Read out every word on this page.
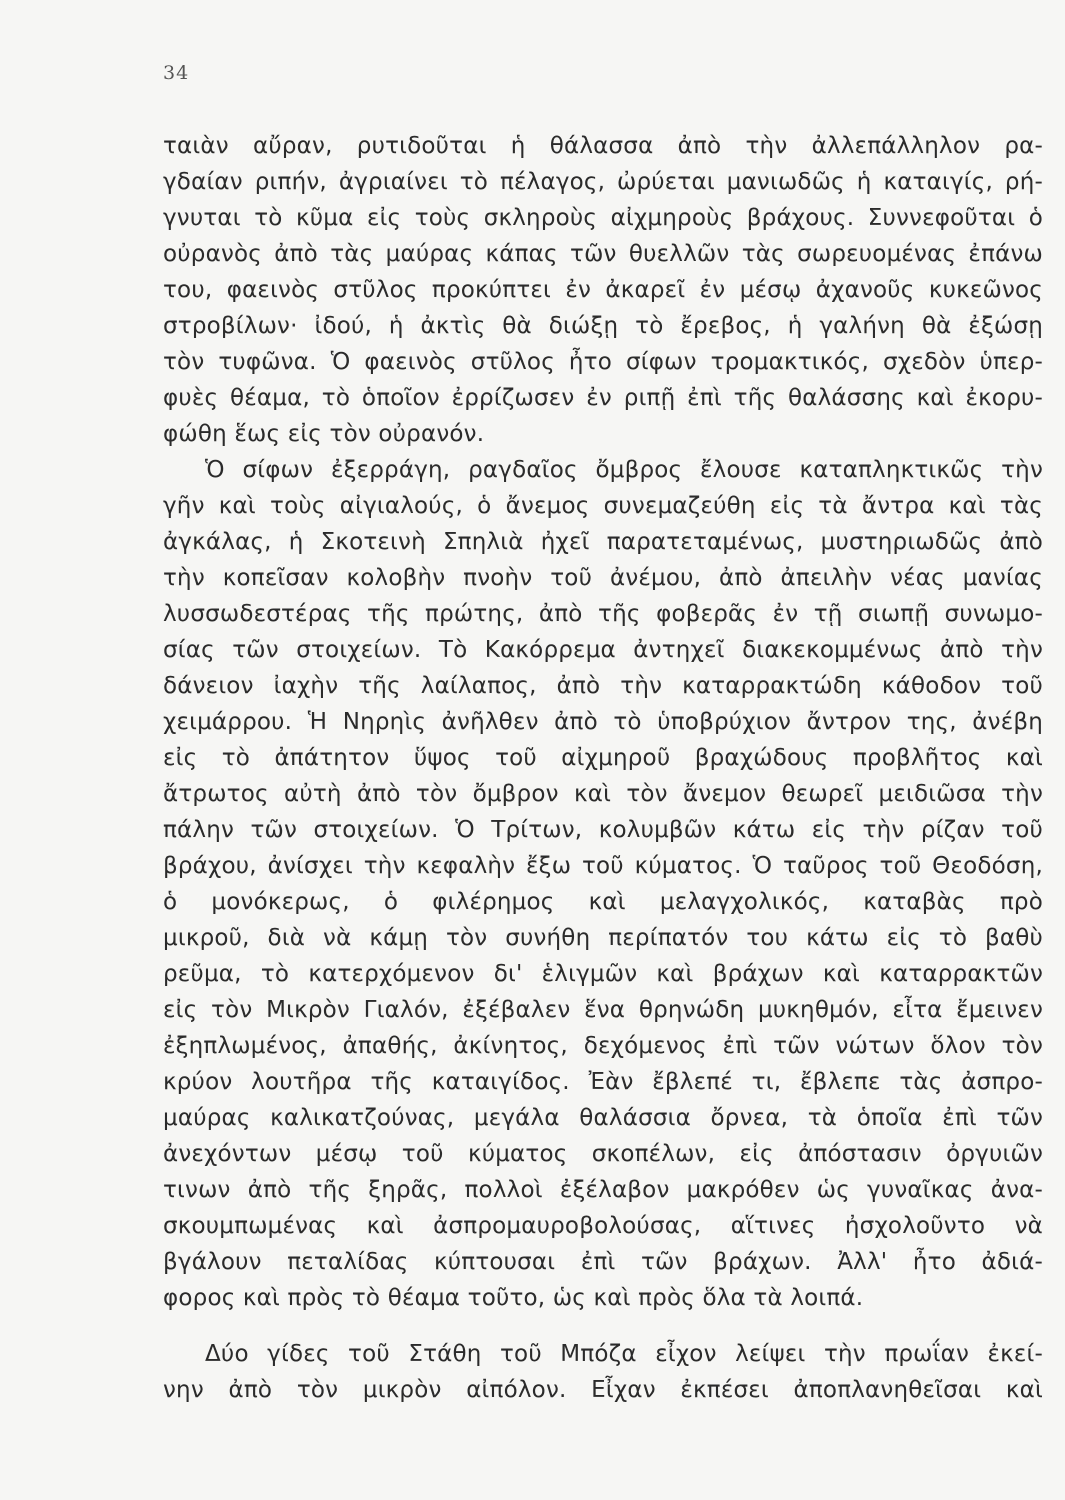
34
ταιὰν αὔραν, ρυτιδοῦται ἡ θάλασσα ἀπὸ τὴν ἀλλεπάλληλον ρα-
γδαίαν ριπήν, ἀγριαίνει τὸ πέλαγος, ὠρύεται μανιωδῶς ἡ καταιγίς, ρή-
γνυται τὸ κῦμα εἰς τοὺς σκληροὺς αἰχμηροὺς βράχους. Συννεφοῦται ὁ
οὐρανὸς ἀπὸ τὰς μαύρας κάπας τῶν θυελλῶν τὰς σωρευομένας ἐπάνω
του, φαεινὸς στῦλος προκύπτει ἐν ἀκαρεῖ ἐν μέσῳ ἀχανοῦς κυκεῶνος
στροβίλων· ἰδού, ἡ ἀκτὶς θὰ διώξῃ τὸ ἔρεβος, ἡ γαλήνη θὰ ἐξώσῃ
τὸν τυφῶνα. Ὁ φαεινὸς στῦλος ἦτο σίφων τρομακτικός, σχεδὸν ὑπερ-
φυὲς θέαμα, τὸ ὁποῖον ἐρρίζωσεν ἐν ριπῇ ἐπὶ τῆς θαλάσσης καὶ ἐκορυ-
φώθη ἕως εἰς τὸν οὐρανόν.
Ὁ σίφων ἐξερράγη, ραγδαῖος ὄμβρος ἔλουσε καταπληκτικῶς τὴν
γῆν καὶ τοὺς αἰγιαλούς, ὁ ἄνεμος συνεμαζεύθη εἰς τὰ ἄντρα καὶ τὰς
ἀγκάλας, ἡ Σκοτεινὴ Σπηλιὰ ἠχεῖ παρατεταμένως, μυστηριωδῶς ἀπὸ
τὴν κοπεῖσαν κολοβὴν πνοὴν τοῦ ἀνέμου, ἀπὸ ἀπειλὴν νέας μανίας
λυσσωδεστέρας τῆς πρώτης, ἀπὸ τῆς φοβερᾶς ἐν τῇ σιωπῇ συνωμο-
σίας τῶν στοιχείων. Τὸ Κακόρρεμα ἀντηχεῖ διακεκομμένως ἀπὸ τὴν
δάνειον ἰαχὴν τῆς λαίλαπος, ἀπὸ τὴν καταρρακτώδη κάθοδον τοῦ
χειμάρρου. Ἡ Νηρηὶς ἀνῆλθεν ἀπὸ τὸ ὑποβρύχιον ἄντρον της, ἀνέβη
εἰς τὸ ἀπάτητον ὕψος τοῦ αἰχμηροῦ βραχώδους προβλῆτος καὶ
ἄτρωτος αὐτὴ ἀπὸ τὸν ὄμβρον καὶ τὸν ἄνεμον θεωρεῖ μειδιῶσα τὴν
πάλην τῶν στοιχείων. Ὁ Τρίτων, κολυμβῶν κάτω εἰς τὴν ρίζαν τοῦ
βράχου, ἀνίσχει τὴν κεφαλὴν ἔξω τοῦ κύματος. Ὁ ταῦρος τοῦ Θεοδόση,
ὁ μονόκερως, ὁ φιλέρημος καὶ μελαγχολικός, καταβὰς πρὸ
μικροῦ, διὰ νὰ κάμῃ τὸν συνήθη περίπατόν του κάτω εἰς τὸ βαθὺ
ρεῦμα, τὸ κατερχόμενον δι' ἑλιγμῶν καὶ βράχων καὶ καταρρακτῶν
εἰς τὸν Μικρὸν Γιαλόν, ἐξέβαλεν ἕνα θρηνώδη μυκηθμόν, εἶτα ἔμεινεν
ἐξηπλωμένος, ἀπαθής, ἀκίνητος, δεχόμενος ἐπὶ τῶν νώτων ὅλον τὸν
κρύον λουτῆρα τῆς καταιγίδος. Ἐὰν ἔβλεπέ τι, ἔβλεπε τὰς ἀσπρο-
μαύρας καλικατζούνας, μεγάλα θαλάσσια ὄρνεα, τὰ ὁποῖα ἐπὶ τῶν
ἀνεχόντων μέσῳ τοῦ κύματος σκοπέλων, εἰς ἀπόστασιν ὀργυιῶν
τινων ἀπὸ τῆς ξηρᾶς, πολλοὶ ἐξέλαβον μακρόθεν ὡς γυναῖκας ἀνα-
σκουμπωμένας καὶ ἀσπρομαυροβολούσας, αἵτινες ἠσχολοῦντο νὰ
βγάλουν πεταλίδας κύπτουσαι ἐπὶ τῶν βράχων. Ἀλλ' ἦτο ἀδιά-
φορος καὶ πρὸς τὸ θέαμα τοῦτο, ὡς καὶ πρὸς ὅλα τὰ λοιπά.
Δύο γίδες τοῦ Στάθη τοῦ Μπόζα εἶχον λείψει τὴν πρωΐαν ἐκεί-
νην ἀπὸ τὸν μικρὸν αἰπόλον. Εἶχαν ἐκπέσει ἀποπλανηθεῖσαι καὶ
